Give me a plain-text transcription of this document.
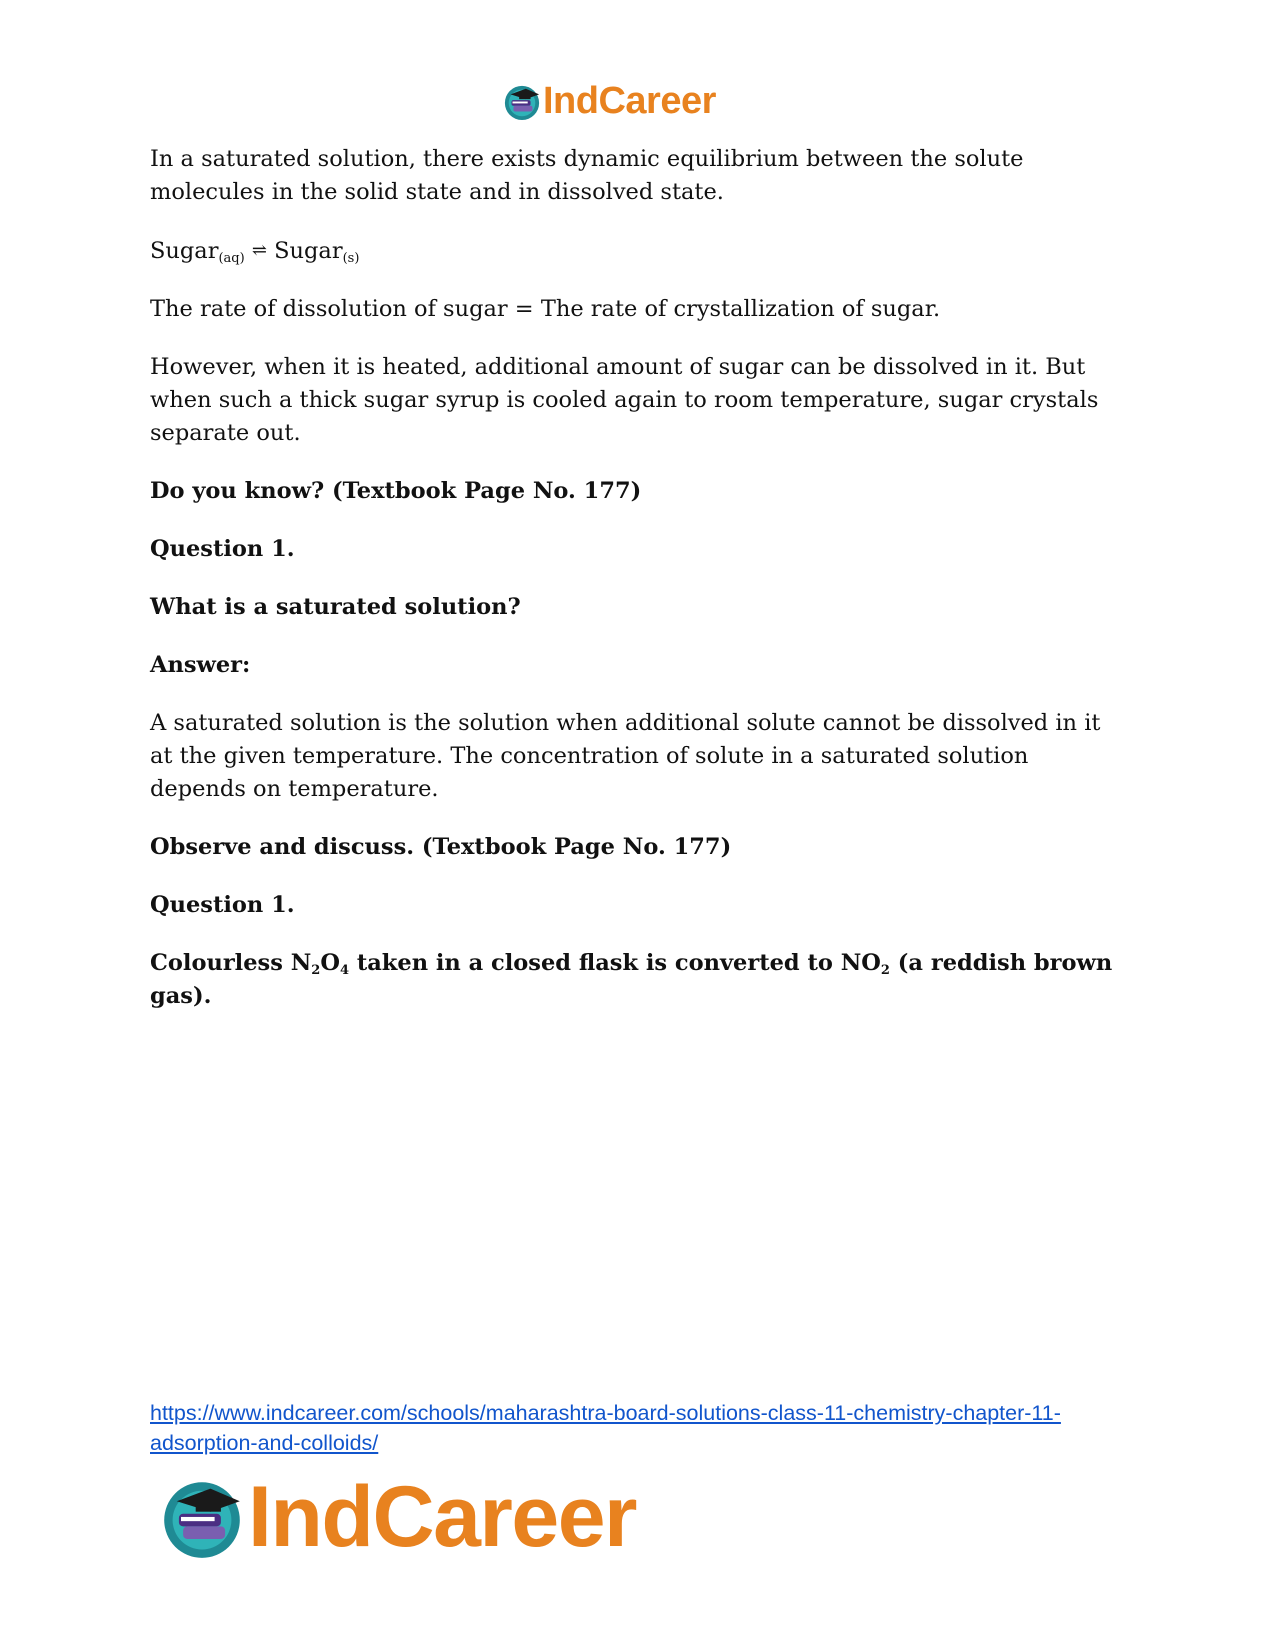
IndCareer

In a saturated solution, there exists dynamic equilibrium between the solute molecules in the solid state and in dissolved state.

Sugar$_{(aq)}$ ⇌ Sugar$_{(s)}$

The rate of dissolution of sugar = The rate of crystallization of sugar.

However, when it is heated, additional amount of sugar can be dissolved in it. But when such a thick sugar syrup is cooled again to room temperature, sugar crystals separate out.

Do you know? (Textbook Page No. 177)

Question 1.

What is a saturated solution?

Answer:

A saturated solution is the solution when additional solute cannot be dissolved in it at the given temperature. The concentration of solute in a saturated solution depends on temperature.

Observe and discuss. (Textbook Page No. 177)

Question 1.

Colourless $N_2O_4$ taken in a closed flask is converted to $NO_2$ (a reddish brown gas).

https://www.indcareer.com/schools/maharashtra-board-solutions-class-11-chemistry-chapter-11-adsorption-and-colloids/
IndCareer
